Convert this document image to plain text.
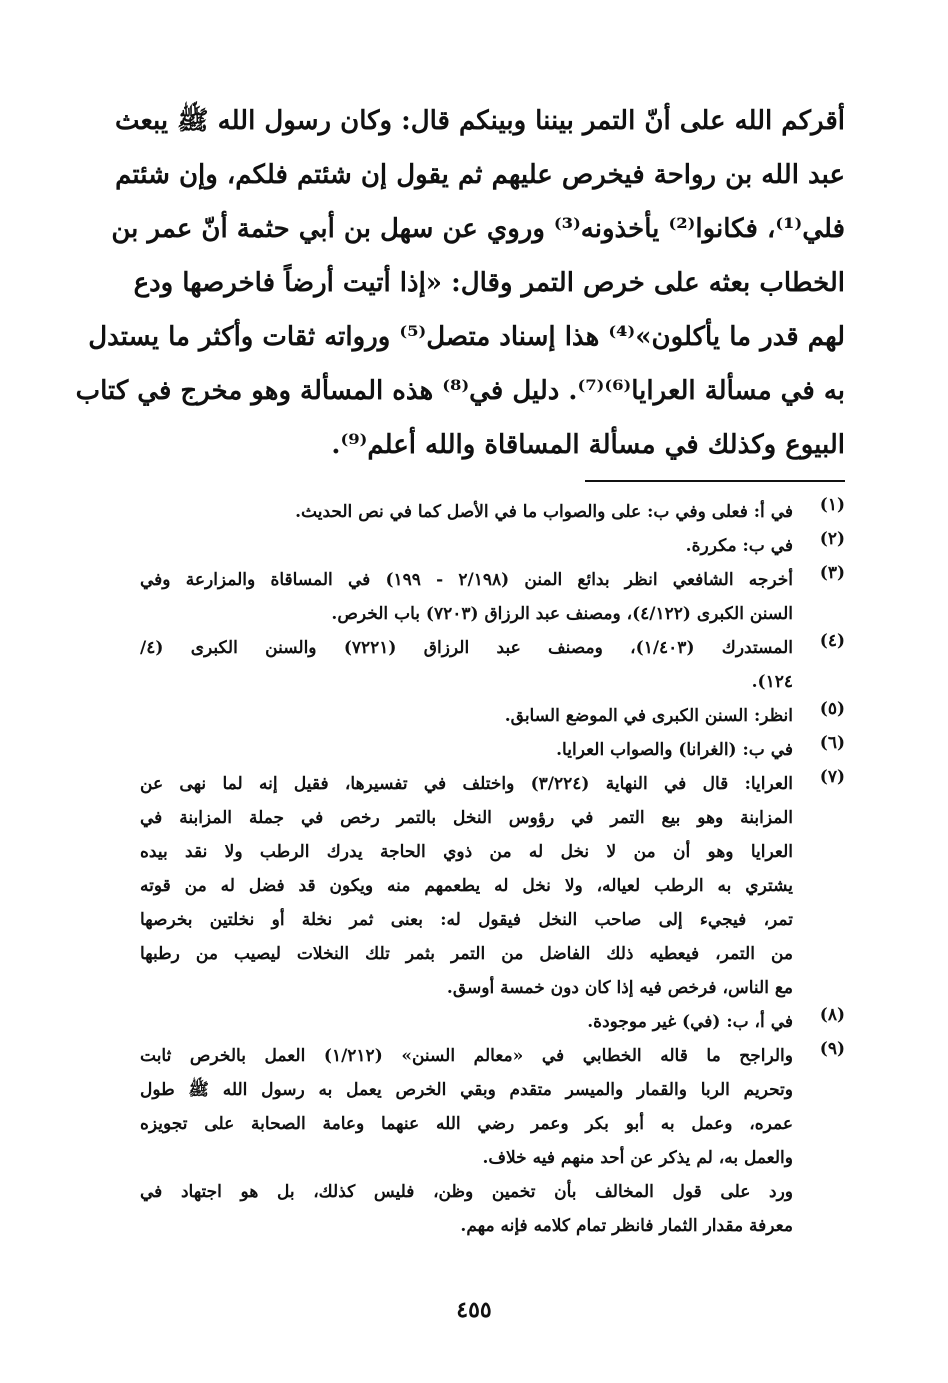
أقركم الله على أنّ التمر بيننا وبينكم قال: وكان رسول الله ﷺ يبعث
عبد الله بن رواحة فيخرص عليهم ثم يقول إن شئتم فلكم، وإن شئتم
فلي⁽¹⁾، فكانوا⁽²⁾ يأخذونه⁽³⁾ وروي عن سهل بن أبي حثمة أنّ عمر بن
الخطاب بعثه على خرص التمر وقال: «إذا أتيت أرضاً فاخرصها ودع
لهم قدر ما يأكلون»⁽⁴⁾ هذا إسناد متصل⁽⁵⁾ ورواته ثقات وأكثر ما يستدل
به في مسألة العرايا⁽⁶⁾⁽⁷⁾. دليل في⁽⁸⁾ هذه المسألة وهو مخرج في كتاب
البيوع وكذلك في مسألة المساقاة والله أعلم⁽⁹⁾.
(١)
في أ: فعلى وفي ب: على والصواب ما في الأصل كما في نص الحديث.
(٢)
في ب: مكررة.
(٣)
أخرجه الشافعي انظر بدائع المنن (٢/١٩٨ - ١٩٩) في المساقاة والمزارعة وفي
السنن الكبرى (٤/١٢٢)، ومصنف عبد الرزاق (٧٢٠٣) باب الخرص.
(٤)
المستدرك (١/٤٠٣)، ومصنف عبد الرزاق (٧٢٢١) والسنن الكبرى (٤/
١٢٤).
(٥)
انظر: السنن الكبرى في الموضع السابق.
(٦)
في ب: (الغرانا) والصواب العرايا.
(٧)
العرايا: قال في النهاية (٣/٢٢٤) واختلف في تفسيرها، فقيل إنه لما نهى عن
المزابنة وهو بيع التمر في رؤوس النخل بالتمر رخص في جملة المزابنة في
العرايا وهو أن من لا نخل له من ذوي الحاجة يدرك الرطب ولا نقد بيده
يشتري به الرطب لعياله، ولا نخل له يطعمهم منه ويكون قد فضل له من قوته
تمر، فيجيء إلى صاحب النخل فيقول له: بعنى ثمر نخلة أو نخلتين بخرصها
من التمر، فيعطيه ذلك الفاضل من التمر بثمر تلك النخلات ليصيب من رطبها
مع الناس، فرخص فيه إذا كان دون خمسة أوسق.
(٨)
في أ، ب: (في) غير موجودة.
(٩)
والراجح ما قاله الخطابي في «معالم السنن» (١/٢١٢) العمل بالخرص ثابت
وتحريم الربا والقمار والميسر متقدم وبقي الخرص يعمل به رسول الله ﷺ طول
عمره، وعمل به أبو بكر وعمر رضي الله عنهما وعامة الصحابة على تجويزه
والعمل به، لم يذكر عن أحد منهم فيه خلاف.
ورد على قول المخالف بأن تخمين وظن، فليس كذلك، بل هو اجتهاد في
معرفة مقدار الثمار فانظر تمام كلامه فإنه مهم.
٤٥٥
